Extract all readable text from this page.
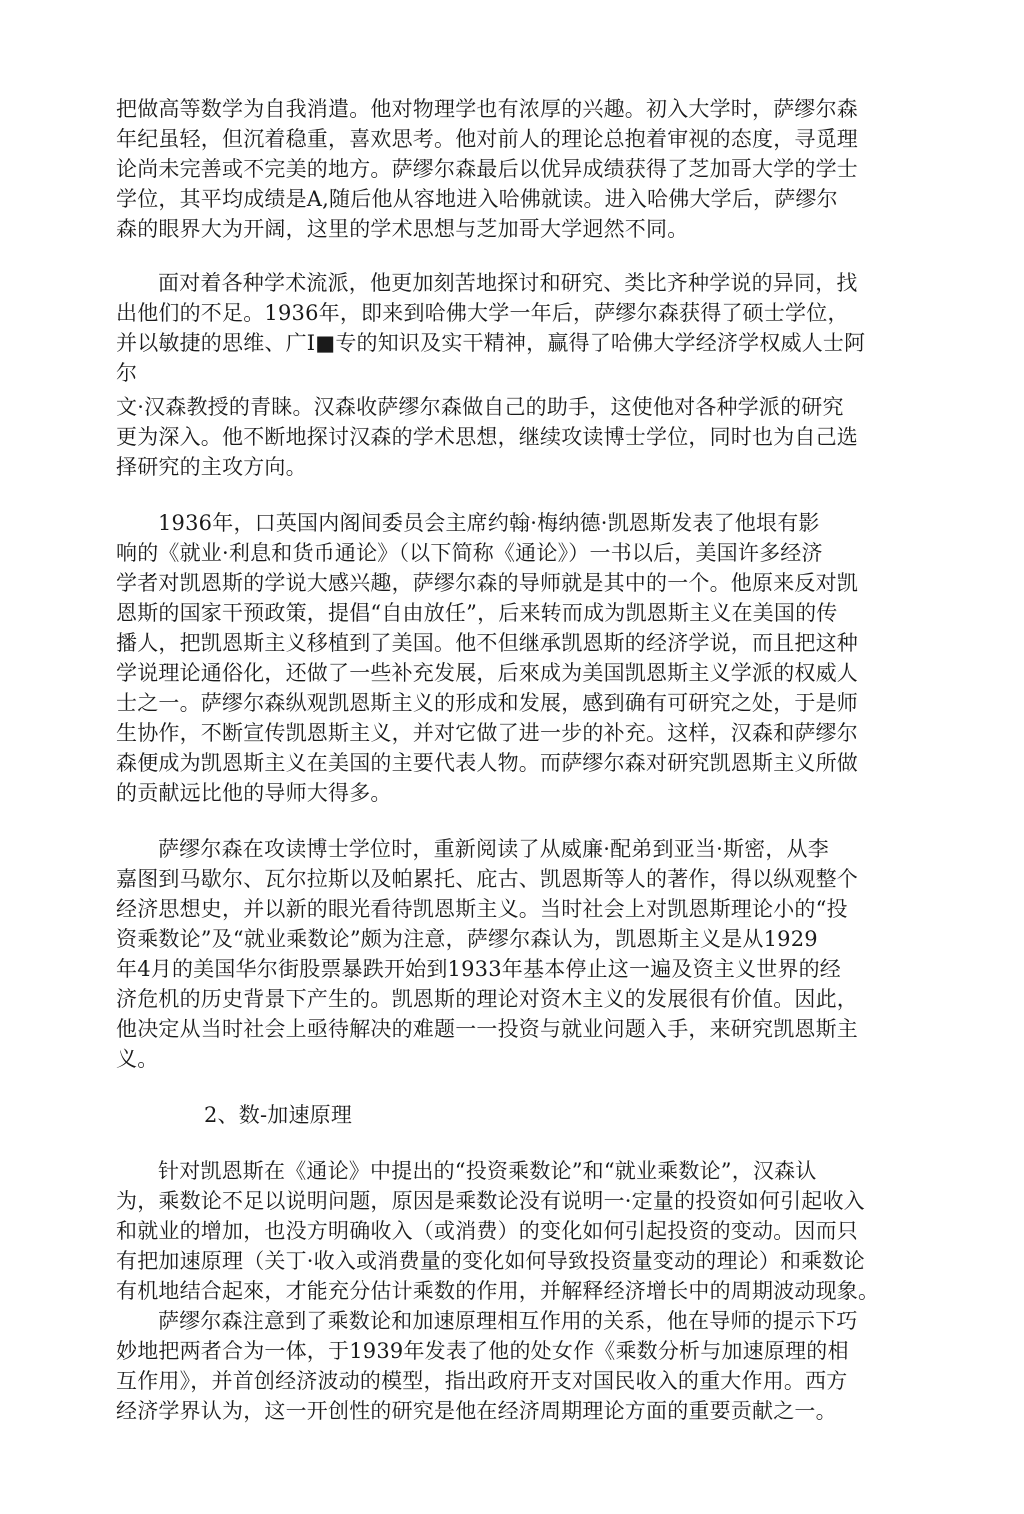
把做高等数学为自我消遣。他对物理学也有浓厚的兴趣。初入大学时，萨缪尔森
年纪虽轻，但沉着稳重，喜欢思考。他对前人的理论总抱着审视的态度，寻觅理
论尚未完善或不完美的地方。萨缪尔森最后以优异成绩获得了芝加哥大学的学士
学位，其平均成绩是A,随后他从容地进入哈佛就读。进入哈佛大学后，萨缪尔
森的眼界大为开阔，这里的学术思想与芝加哥大学迥然不同。
面对着各种学术流派，他更加刻苦地探讨和研究、类比齐种学说的异同，找
出他们的不足。1936年，即来到哈佛大学一年后，萨缪尔森获得了硕士学位，
并以敏捷的思维、广I■专的知识及实干精神，赢得了哈佛大学经济学权威人士阿
尔
文·汉森教授的青睐。汉森收萨缪尔森做自己的助手，这使他对各种学派的研究
更为深入。他不断地探讨汉森的学术思想，继续攻读博士学位，同时也为自己选
择研究的主攻方向。
1936年，口英国内阁间委员会主席约翰·梅纳德·凯恩斯发表了他垠有影
响的《就业·利息和货币通论》（以下简称《通论》）一书以后，美国许多经济
学者对凯恩斯的学说大感兴趣，萨缪尔森的导师就是其中的一个。他原来反对凯
恩斯的国家干预政策，提倡“自由放任”，后来转而成为凯恩斯主义在美国的传
播人，把凯恩斯主义移植到了美国。他不但继承凯恩斯的经济学说，而且把这种
学说理论通俗化，还做了一些补充发展，后來成为美国凯恩斯主义学派的权威人
士之一。萨缪尔森纵观凯恩斯主义的形成和发展，感到确有可研究之处，于是师
生协作，不断宣传凯恩斯主义，并对它做了进一步的补充。这样，汉森和萨缪尔
森便成为凯恩斯主义在美国的主要代表人物。而萨缪尔森对研究凯恩斯主义所做
的贡献远比他的导师大得多。
萨缪尔森在攻读博士学位时，重新阅读了从威廉·配弟到亚当·斯密，从李
嘉图到马歇尔、瓦尔拉斯以及帕累托、庇古、凯恩斯等人的著作，得以纵观整个
经济思想史，并以新的眼光看待凯恩斯主义。当时社会上对凯恩斯理论小的“投
资乘数论”及“就业乘数论”颇为注意，萨缪尔森认为，凯恩斯主义是从1929
年4月的美国华尔街股票暴跌开始到1933年基本停止这一遍及资主义世界的经
济危机的历史背景下产生的。凯恩斯的理论对资木主义的发展很有价值。因此，
他决定从当时社会上亟待解决的难题一一投资与就业问题入手，来研究凯恩斯主
义。
2、数-加速原理
针对凯恩斯在《通论》中提出的“投资乘数论”和“就业乘数论”，汉森认
为，乘数论不足以说明问题，原因是乘数论没有说明一·定量的投资如何引起收入
和就业的增加，也没方明确收入（或消费）的变化如何引起投资的变动。因而只
有把加速原理（关丁·收入或消费量的变化如何导致投资量变动的理论）和乘数论
有机地结合起來，才能充分估计乘数的作用，并解释经济增长中的周期波动现象。
萨缪尔森注意到了乘数论和加速原理相互作用的关系，他在导师的提示下巧
妙地把两者合为一体，于1939年发表了他的处女作《乘数分析与加速原理的相
互作用》，并首创经济波动的模型，指出政府开支对国民收入的重大作用。西方
经济学界认为，这一开创性的研究是他在经济周期理论方面的重要贡献之一。
